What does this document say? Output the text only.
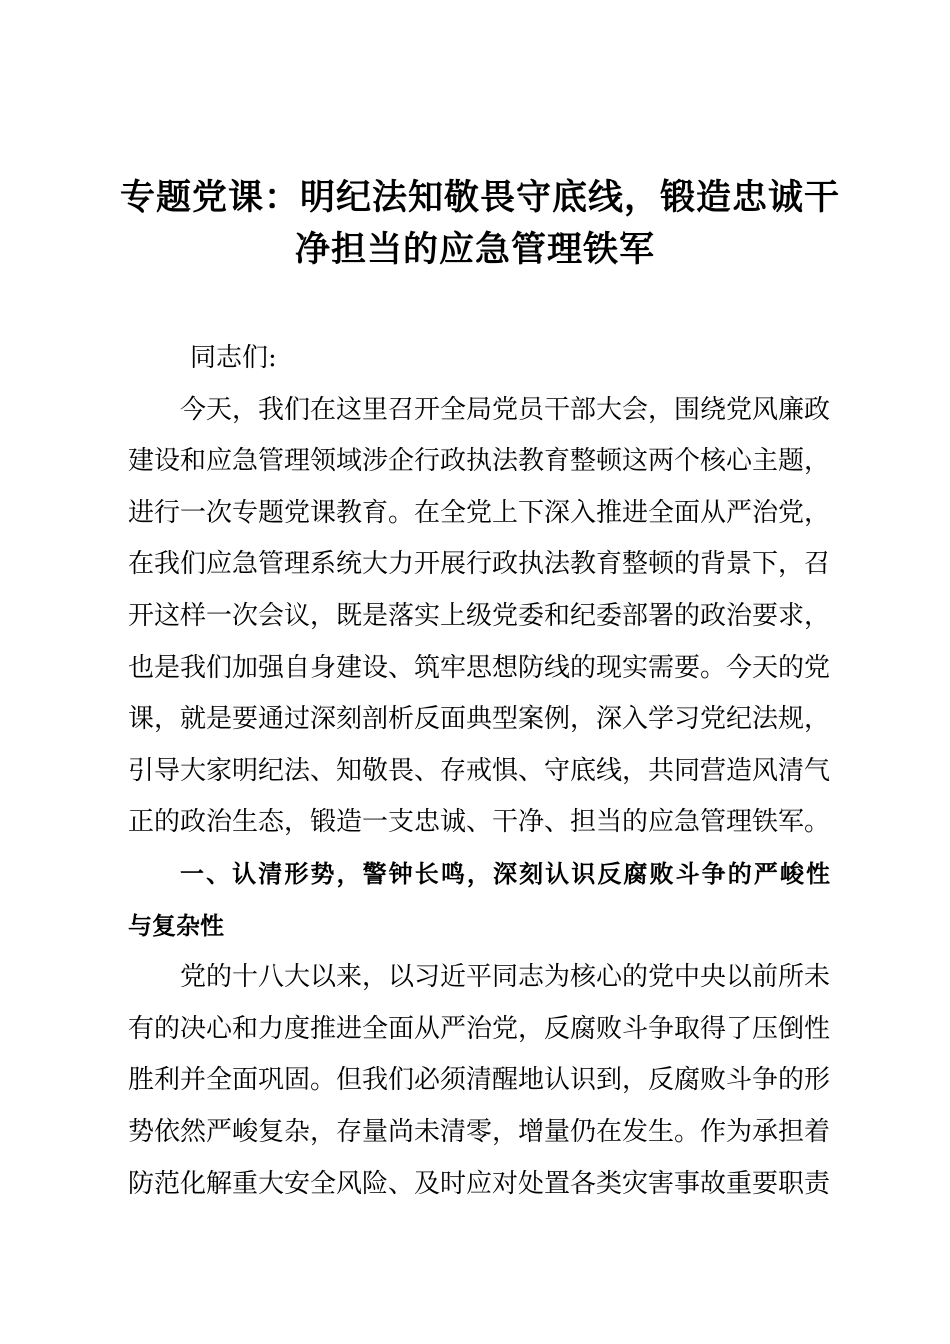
专题党课：明纪法知敬畏守底线，锻造忠诚干
净担当的应急管理铁军
同志们:
今天，我们在这里召开全局党员干部大会，围绕党风廉政
建设和应急管理领域涉企行政执法教育整顿这两个核心主题，
进行一次专题党课教育。在全党上下深入推进全面从严治党，
在我们应急管理系统大力开展行政执法教育整顿的背景下，召
开这样一次会议，既是落实上级党委和纪委部署的政治要求，
也是我们加强自身建设、筑牢思想防线的现实需要。今天的党
课，就是要通过深刻剖析反面典型案例，深入学习党纪法规，
引导大家明纪法、知敬畏、存戒惧、守底线，共同营造风清气
正的政治生态，锻造一支忠诚、干净、担当的应急管理铁军。
一、认清形势，警钟长鸣，深刻认识反腐败斗争的严峻性
与复杂性
党的十八大以来，以习近平同志为核心的党中央以前所未
有的决心和力度推进全面从严治党，反腐败斗争取得了压倒性
胜利并全面巩固。但我们必须清醒地认识到，反腐败斗争的形
势依然严峻复杂，存量尚未清零，增量仍在发生。作为承担着
防范化解重大安全风险、及时应对处置各类灾害事故重要职责
